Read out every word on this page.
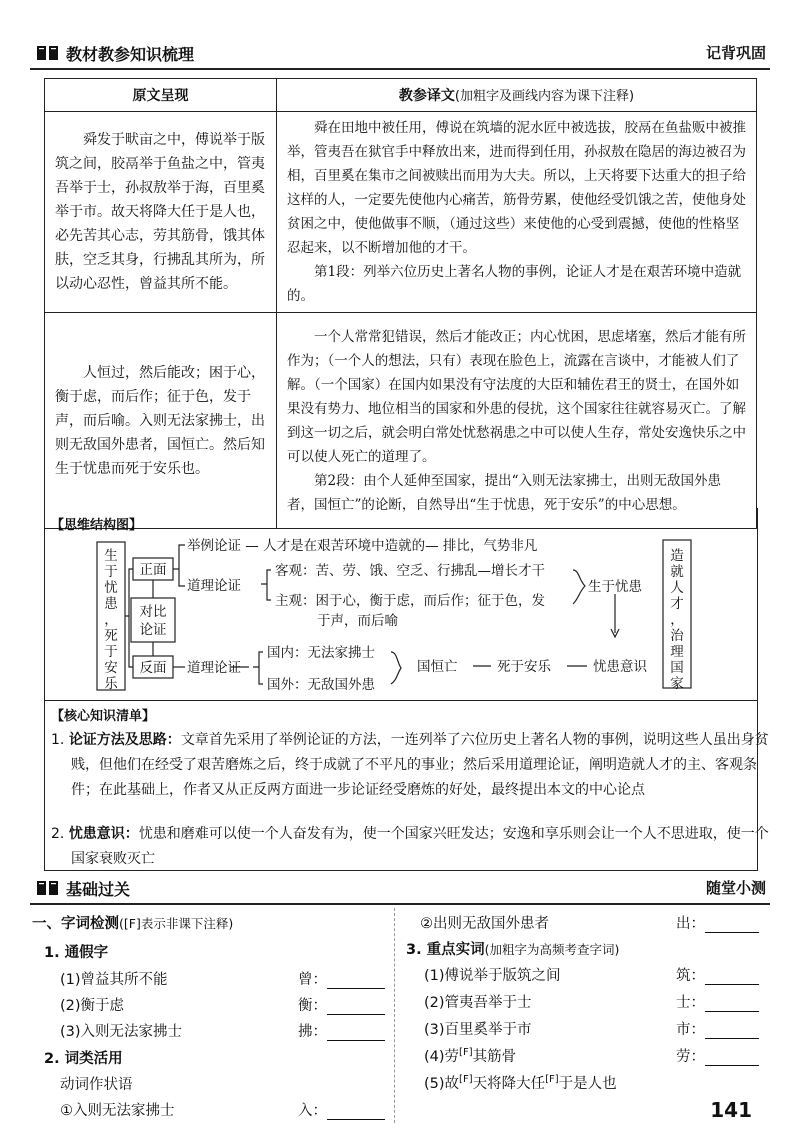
教材教参知识梳理	记背巩固
原文呈现	教参译文(加粗字及画线内容为课下注释)
舜发于畎亩之中，傅说举于版筑之间，胶鬲举于鱼盐之中，管夷吾举于士，孙叔敖举于海，百里奚举于市。故天将降大任于是人也，必先苦其心志，劳其筋骨，饿其体肤，空乏其身，行拂乱其所为，所以动心忍性，曾益其所不能。	舜在田地中被任用，傅说在筑墙的泥水匠中被选拔，胶鬲在鱼盐贩中被推举，管夷吾在狱官手中释放出来，进而得到任用，孙叔敖在隐居的海边被召为相，百里奚在集市之间被赎出而用为大夫。所以，上天将要下达重大的担子给这样的人，一定要先使他内心痛苦，筋骨劳累，使他经受饥饿之苦，使他身处贫困之中，使他做事不顺，（通过这些）来使他的心受到震撼，使他的性格坚忍起来，以不断增加他的才干。

第1段：列举六位历史上著名人物的事例，论证人才是在艰苦环境中造就的。

人恒过，然后能改；困于心，衡于虑，而后作；征于色，发于声，而后喻。入则无法家拂士，出则无敌国外患者，国恒亡。然后知生于忧患而死于安乐也。	一个人常常犯错误，然后才能改正；内心忧困，思虑堵塞，然后才能有所作为；（一个人的想法，只有）表现在脸色上，流露在言谈中，才能被人们了解。（一个国家）在国内如果没有守法度的大臣和辅佐君王的贤士，在国外如果没有势力、地位相当的国家和外患的侵扰，这个国家往往就容易灭亡。了解到这一切之后，就会明白常处忧愁祸患之中可以使人生存，常处安逸快乐之中可以使人死亡的道理了。

第2段：由个人延伸至国家，提出“入则无法家拂士，出则无敌国外患者，国恒亡”的论断，自然导出“生于忧患，死于安乐”的中心思想。

生
于
忧
患
，
死
于
安
乐
造
就
人
才
，
治
理
国
家
正面
对比
论证
反面
举例论证 — 人才是在艰苦环境中造就的— 排比，气势非凡
道理论证
客观：苦、劳、饿、空乏、行拂乱—增长才干
主观：困于心，衡于虑，而后作；征于色，发
于声，而后喻
生于忧患
道理论证
国内：无法家拂士
国外：无敌国外患
国恒亡	死于安乐	忧患意识
【思维结构图】
【核心知识清单】
1. 论证方法及思路：文章首先采用了举例论证的方法，一连列举了六位历史上著名人物的事例，说明这些人虽出身贫贱，但他们在经受了艰苦磨炼之后，终于成就了不平凡的事业；然后采用道理论证，阐明造就人才的主、客观条件；在此基础上，作者又从正反两方面进一步论证经受磨炼的好处，最终提出本文的中心论点
2. 忧患意识：忧患和磨难可以使一个人奋发有为，使一个国家兴旺发达；安逸和享乐则会让一个人不思进取，使一个国家衰败灭亡
基础过关	随堂小测
一、字词检测([F]表示非课下注释)
1. 通假字
(1)曾益其所不能	曾：
(2)衡于虑	衡：
(3)入则无法家拂士	拂：
2. 词类活用
动词作状语
①入则无法家拂士	入：
②出则无敌国外患者	出：
3. 重点实词(加粗字为高频考查字词)
(1)傅说举于版筑之间	筑：
(2)管夷吾举于士	士：
(3)百里奚举于市	市：
(4)劳[F]其筋骨	劳：
(5)故[F]天将降大任[F]于是人也
141
